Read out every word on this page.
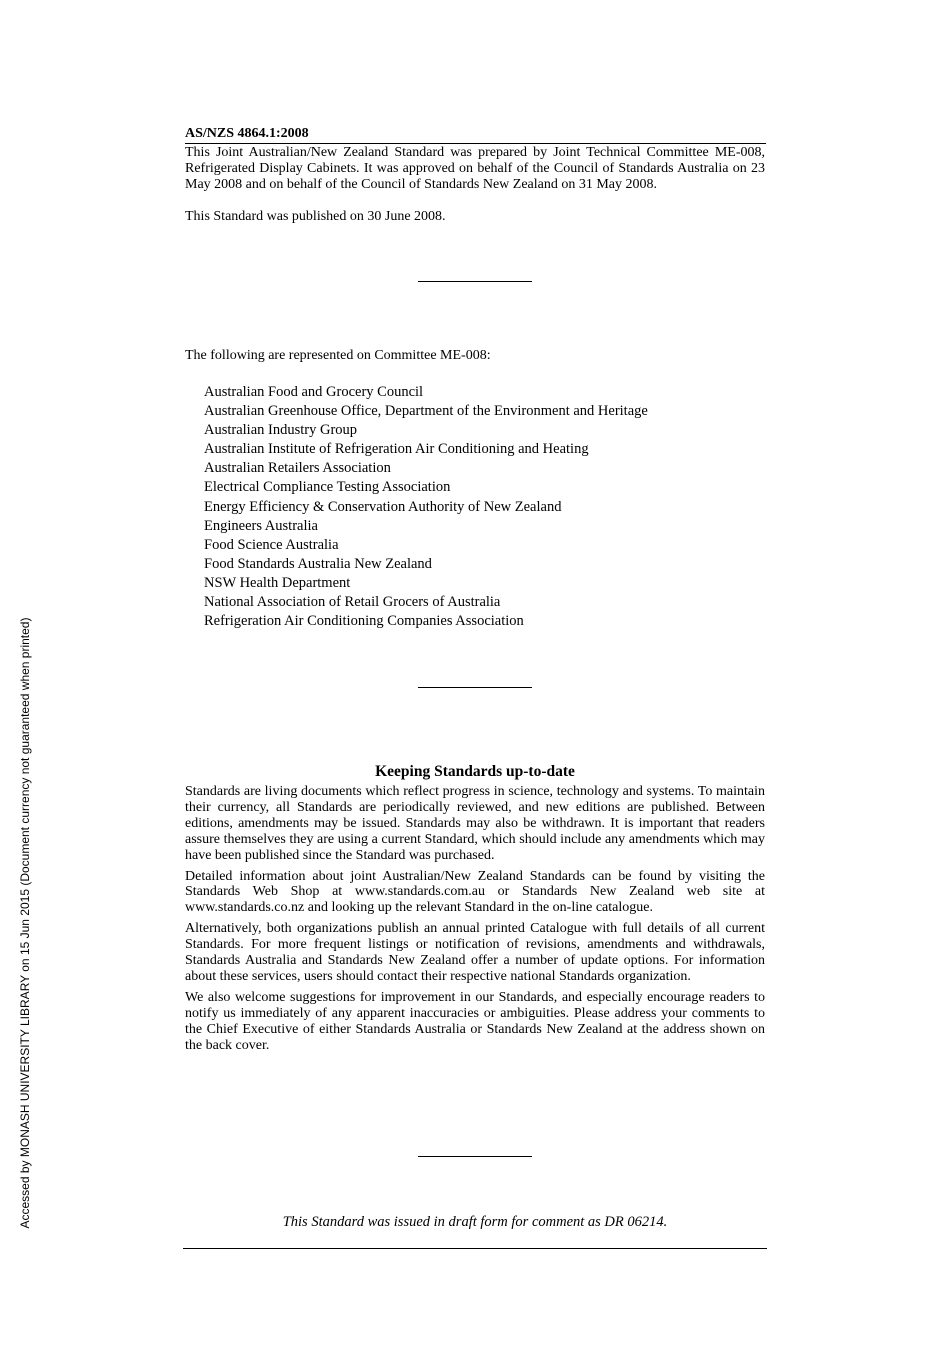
Accessed by MONASH UNIVERSITY LIBRARY on 15 Jun 2015 (Document currency not guaranteed when printed)
AS/NZS 4864.1:2008

This Joint Australian/New Zealand Standard was prepared by Joint Technical Committee ME-008, Refrigerated Display Cabinets. It was approved on behalf of the Council of Standards Australia on 23 May 2008 and on behalf of the Council of Standards New Zealand on 31 May 2008.

This Standard was published on 30 June 2008.
The following are represented on Committee ME-008:
Australian Food and Grocery Council
Australian Greenhouse Office, Department of the Environment and Heritage
Australian Industry Group
Australian Institute of Refrigeration Air Conditioning and Heating
Australian Retailers Association
Electrical Compliance Testing Association
Energy Efficiency & Conservation Authority of New Zealand
Engineers Australia
Food Science Australia
Food Standards Australia New Zealand
NSW Health Department
National Association of Retail Grocers of Australia
Refrigeration Air Conditioning Companies Association
Keeping Standards up-to-date

Standards are living documents which reflect progress in science, technology and systems. To maintain their currency, all Standards are periodically reviewed, and new editions are published. Between editions, amendments may be issued. Standards may also be withdrawn. It is important that readers assure themselves they are using a current Standard, which should include any amendments which may have been published since the Standard was purchased.

Detailed information about joint Australian/New Zealand Standards can be found by visiting the Standards Web Shop at www.standards.com.au or Standards New Zealand web site at www.standards.co.nz and looking up the relevant Standard in the on-line catalogue.

Alternatively, both organizations publish an annual printed Catalogue with full details of all current Standards. For more frequent listings or notification of revisions, amendments and withdrawals, Standards Australia and Standards New Zealand offer a number of update options. For information about these services, users should contact their respective national Standards organization.

We also welcome suggestions for improvement in our Standards, and especially encourage readers to notify us immediately of any apparent inaccuracies or ambiguities. Please address your comments to the Chief Executive of either Standards Australia or Standards New Zealand at the address shown on the back cover.

This Standard was issued in draft form for comment as DR 06214.
